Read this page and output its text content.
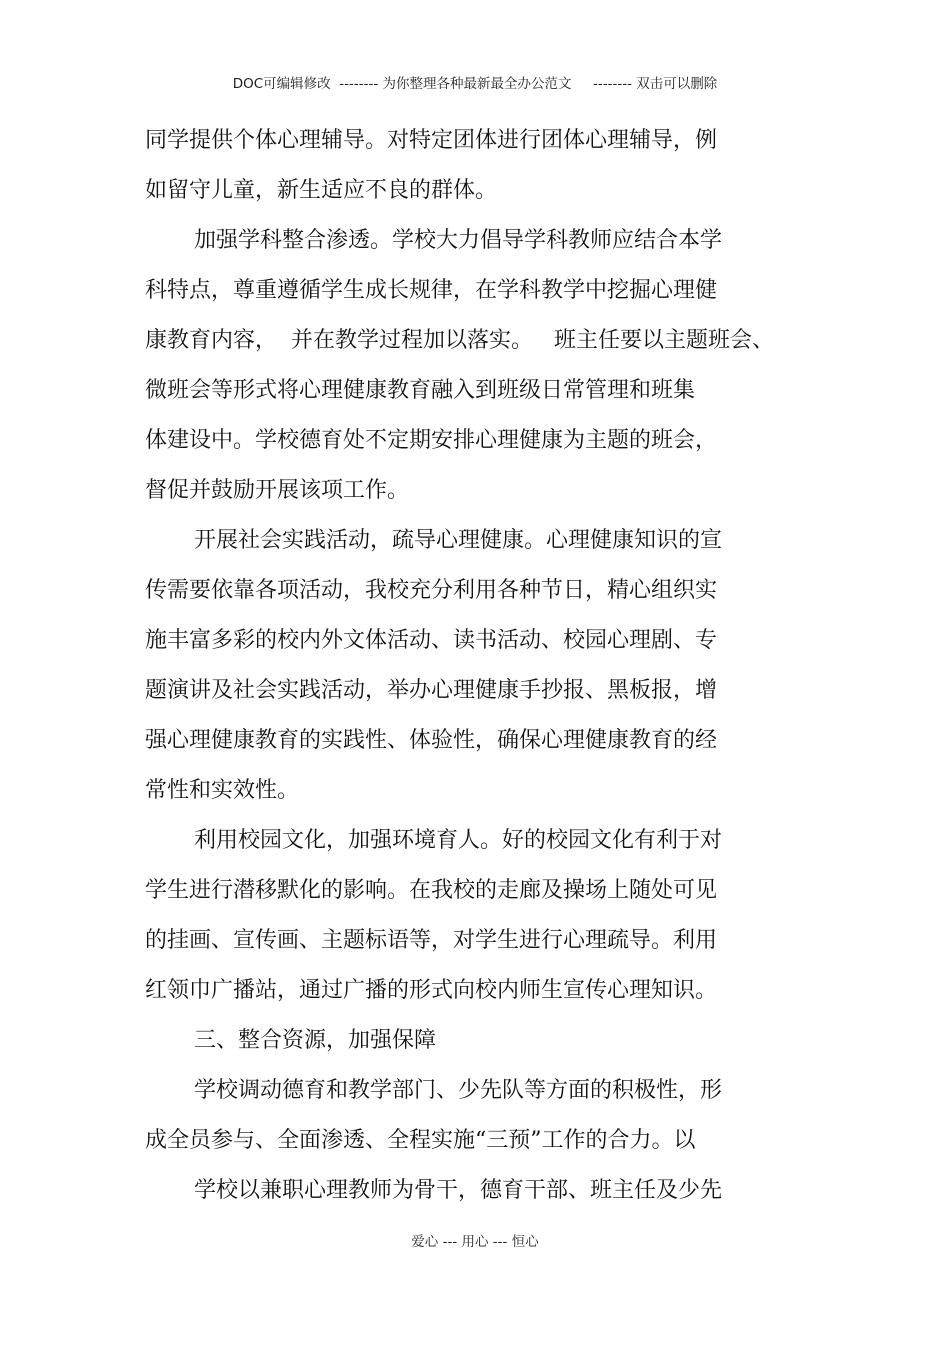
DOC可编辑修改  -------- 为你整理各种最新最全办公范文     -------- 双击可以删除
同学提供个体心理辅导。对特定团体进行团体心理辅导，例
如留守儿童，新生适应不良的群体。
加强学科整合渗透。学校大力倡导学科教师应结合本学
科特点，尊重遵循学生成长规律，在学科教学中挖掘心理健
康教育内容，  并在教学过程加以落实。   班主任要以主题班会、
微班会等形式将心理健康教育融入到班级日常管理和班集
体建设中。学校德育处不定期安排心理健康为主题的班会，
督促并鼓励开展该项工作。
开展社会实践活动，疏导心理健康。心理健康知识的宣
传需要依靠各项活动，我校充分利用各种节日，精心组织实
施丰富多彩的校内外文体活动、读书活动、校园心理剧、专
题演讲及社会实践活动，举办心理健康手抄报、黑板报，增
强心理健康教育的实践性、体验性，确保心理健康教育的经
常性和实效性。
利用校园文化，加强环境育人。好的校园文化有利于对
学生进行潜移默化的影响。在我校的走廊及操场上随处可见
的挂画、宣传画、主题标语等，对学生进行心理疏导。利用
红领巾广播站，通过广播的形式向校内师生宣传心理知识。
三、整合资源，加强保障
学校调动德育和教学部门、少先队等方面的积极性，形
成全员参与、全面渗透、全程实施“三预”工作的合力。以
学校以兼职心理教师为骨干，德育干部、班主任及少先
爱心 --- 用心 --- 恒心
